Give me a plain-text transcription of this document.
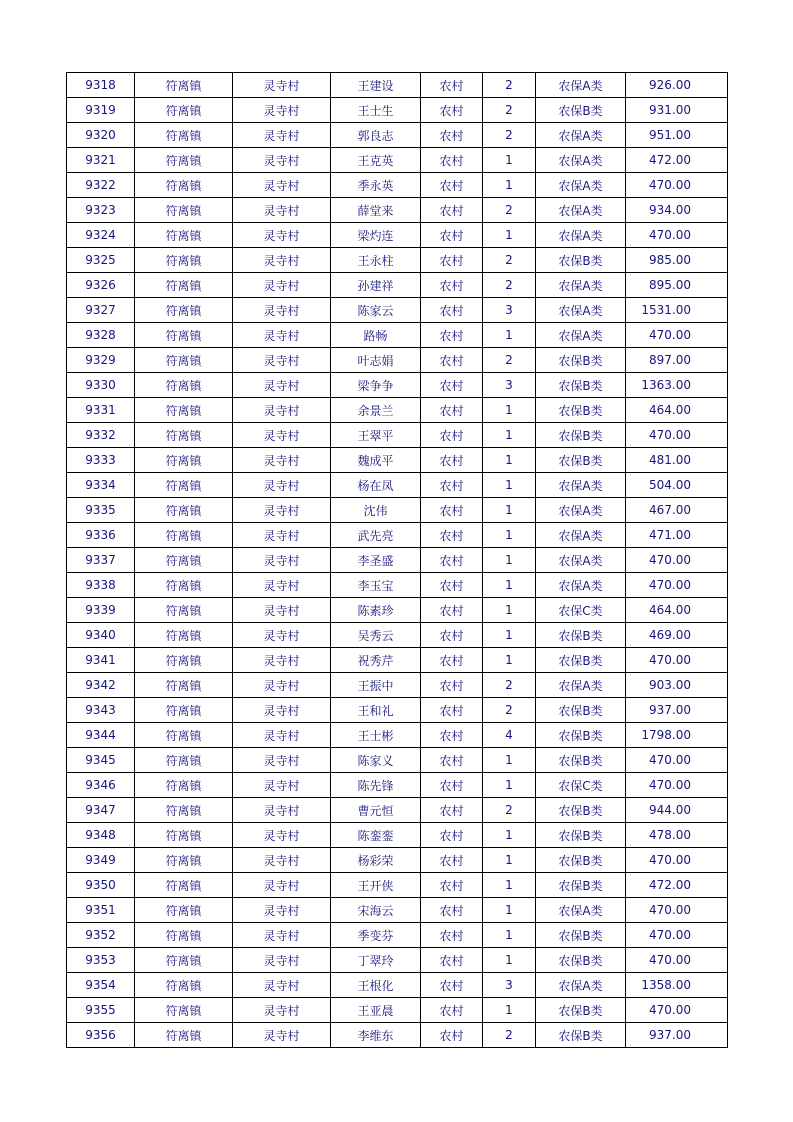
9318	符离镇	灵寺村	王建设	农村	2	农保A类	926.00
9319	符离镇	灵寺村	王士生	农村	2	农保B类	931.00
9320	符离镇	灵寺村	郭良志	农村	2	农保A类	951.00
9321	符离镇	灵寺村	王克英	农村	1	农保A类	472.00
9322	符离镇	灵寺村	季永英	农村	1	农保A类	470.00
9323	符离镇	灵寺村	薛堂来	农村	2	农保A类	934.00
9324	符离镇	灵寺村	梁灼连	农村	1	农保A类	470.00
9325	符离镇	灵寺村	王永柱	农村	2	农保B类	985.00
9326	符离镇	灵寺村	孙建祥	农村	2	农保A类	895.00
9327	符离镇	灵寺村	陈家云	农村	3	农保A类	1531.00
9328	符离镇	灵寺村	路畅	农村	1	农保A类	470.00
9329	符离镇	灵寺村	叶志娟	农村	2	农保B类	897.00
9330	符离镇	灵寺村	梁争争	农村	3	农保B类	1363.00
9331	符离镇	灵寺村	余景兰	农村	1	农保B类	464.00
9332	符离镇	灵寺村	王翠平	农村	1	农保B类	470.00
9333	符离镇	灵寺村	魏成平	农村	1	农保B类	481.00
9334	符离镇	灵寺村	杨在凤	农村	1	农保A类	504.00
9335	符离镇	灵寺村	沈伟	农村	1	农保A类	467.00
9336	符离镇	灵寺村	武先亮	农村	1	农保A类	471.00
9337	符离镇	灵寺村	李圣盛	农村	1	农保A类	470.00
9338	符离镇	灵寺村	李玉宝	农村	1	农保A类	470.00
9339	符离镇	灵寺村	陈素珍	农村	1	农保C类	464.00
9340	符离镇	灵寺村	吴秀云	农村	1	农保B类	469.00
9341	符离镇	灵寺村	祝秀芹	农村	1	农保B类	470.00
9342	符离镇	灵寺村	王振中	农村	2	农保A类	903.00
9343	符离镇	灵寺村	王和礼	农村	2	农保B类	937.00
9344	符离镇	灵寺村	王士彬	农村	4	农保B类	1798.00
9345	符离镇	灵寺村	陈家义	农村	1	农保B类	470.00
9346	符离镇	灵寺村	陈先锋	农村	1	农保C类	470.00
9347	符离镇	灵寺村	曹元恒	农村	2	农保B类	944.00
9348	符离镇	灵寺村	陈銮銮	农村	1	农保B类	478.00
9349	符离镇	灵寺村	杨彩荣	农村	1	农保B类	470.00
9350	符离镇	灵寺村	王开侠	农村	1	农保B类	472.00
9351	符离镇	灵寺村	宋海云	农村	1	农保A类	470.00
9352	符离镇	灵寺村	季变芬	农村	1	农保B类	470.00
9353	符离镇	灵寺村	丁翠玲	农村	1	农保B类	470.00
9354	符离镇	灵寺村	王根化	农村	3	农保A类	1358.00
9355	符离镇	灵寺村	王亚晨	农村	1	农保B类	470.00
9356	符离镇	灵寺村	李维东	农村	2	农保B类	937.00
